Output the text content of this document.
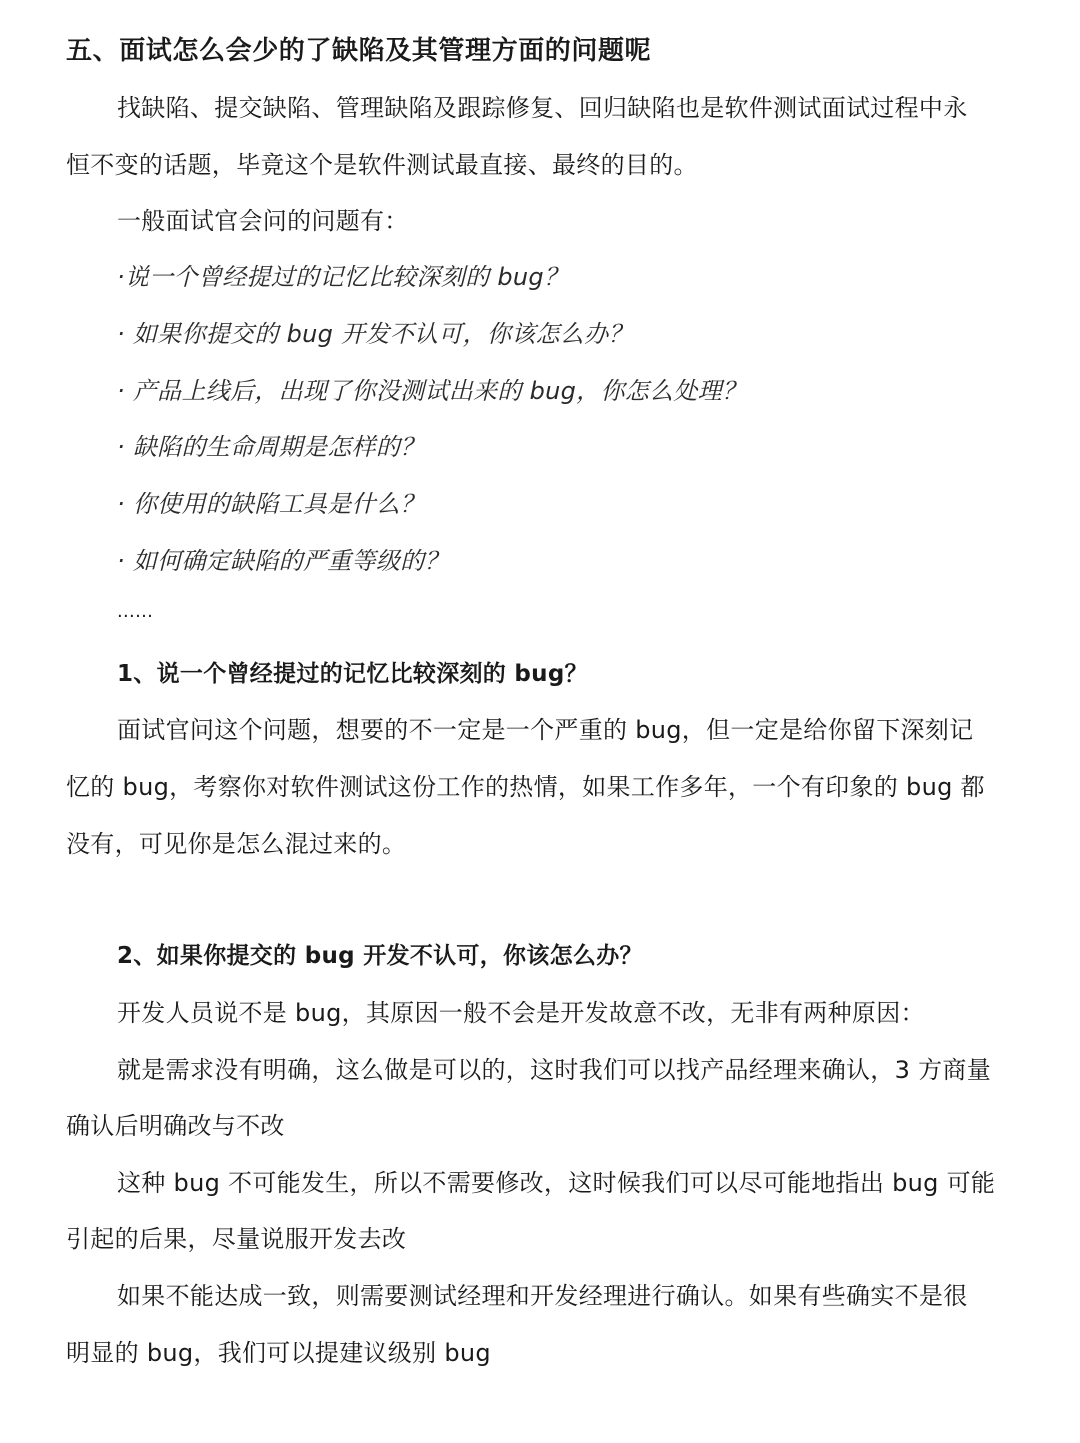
五、面试怎么会少的了缺陷及其管理方面的问题呢
找缺陷、提交缺陷、管理缺陷及跟踪修复、回归缺陷也是软件测试面试过程中永
恒不变的话题，毕竟这个是软件测试最直接、最终的目的。
一般面试官会问的问题有：
·说一个曾经提过的记忆比较深刻的 bug？
· 如果你提交的 bug 开发不认可，你该怎么办？
· 产品上线后，出现了你没测试出来的 bug，你怎么处理？
· 缺陷的生命周期是怎样的？
· 你使用的缺陷工具是什么？
· 如何确定缺陷的严重等级的？
......
1、说一个曾经提过的记忆比较深刻的 bug？
面试官问这个问题，想要的不一定是一个严重的 bug，但一定是给你留下深刻记
忆的 bug，考察你对软件测试这份工作的热情，如果工作多年，一个有印象的 bug 都
没有，可见你是怎么混过来的。
2、如果你提交的 bug 开发不认可，你该怎么办？
开发人员说不是 bug，其原因一般不会是开发故意不改，无非有两种原因：
就是需求没有明确，这么做是可以的，这时我们可以找产品经理来确认，3 方商量
确认后明确改与不改
这种 bug 不可能发生，所以不需要修改，这时候我们可以尽可能地指出 bug 可能
引起的后果，尽量说服开发去改
如果不能达成一致，则需要测试经理和开发经理进行确认。如果有些确实不是很
明显的 bug，我们可以提建议级别 bug
